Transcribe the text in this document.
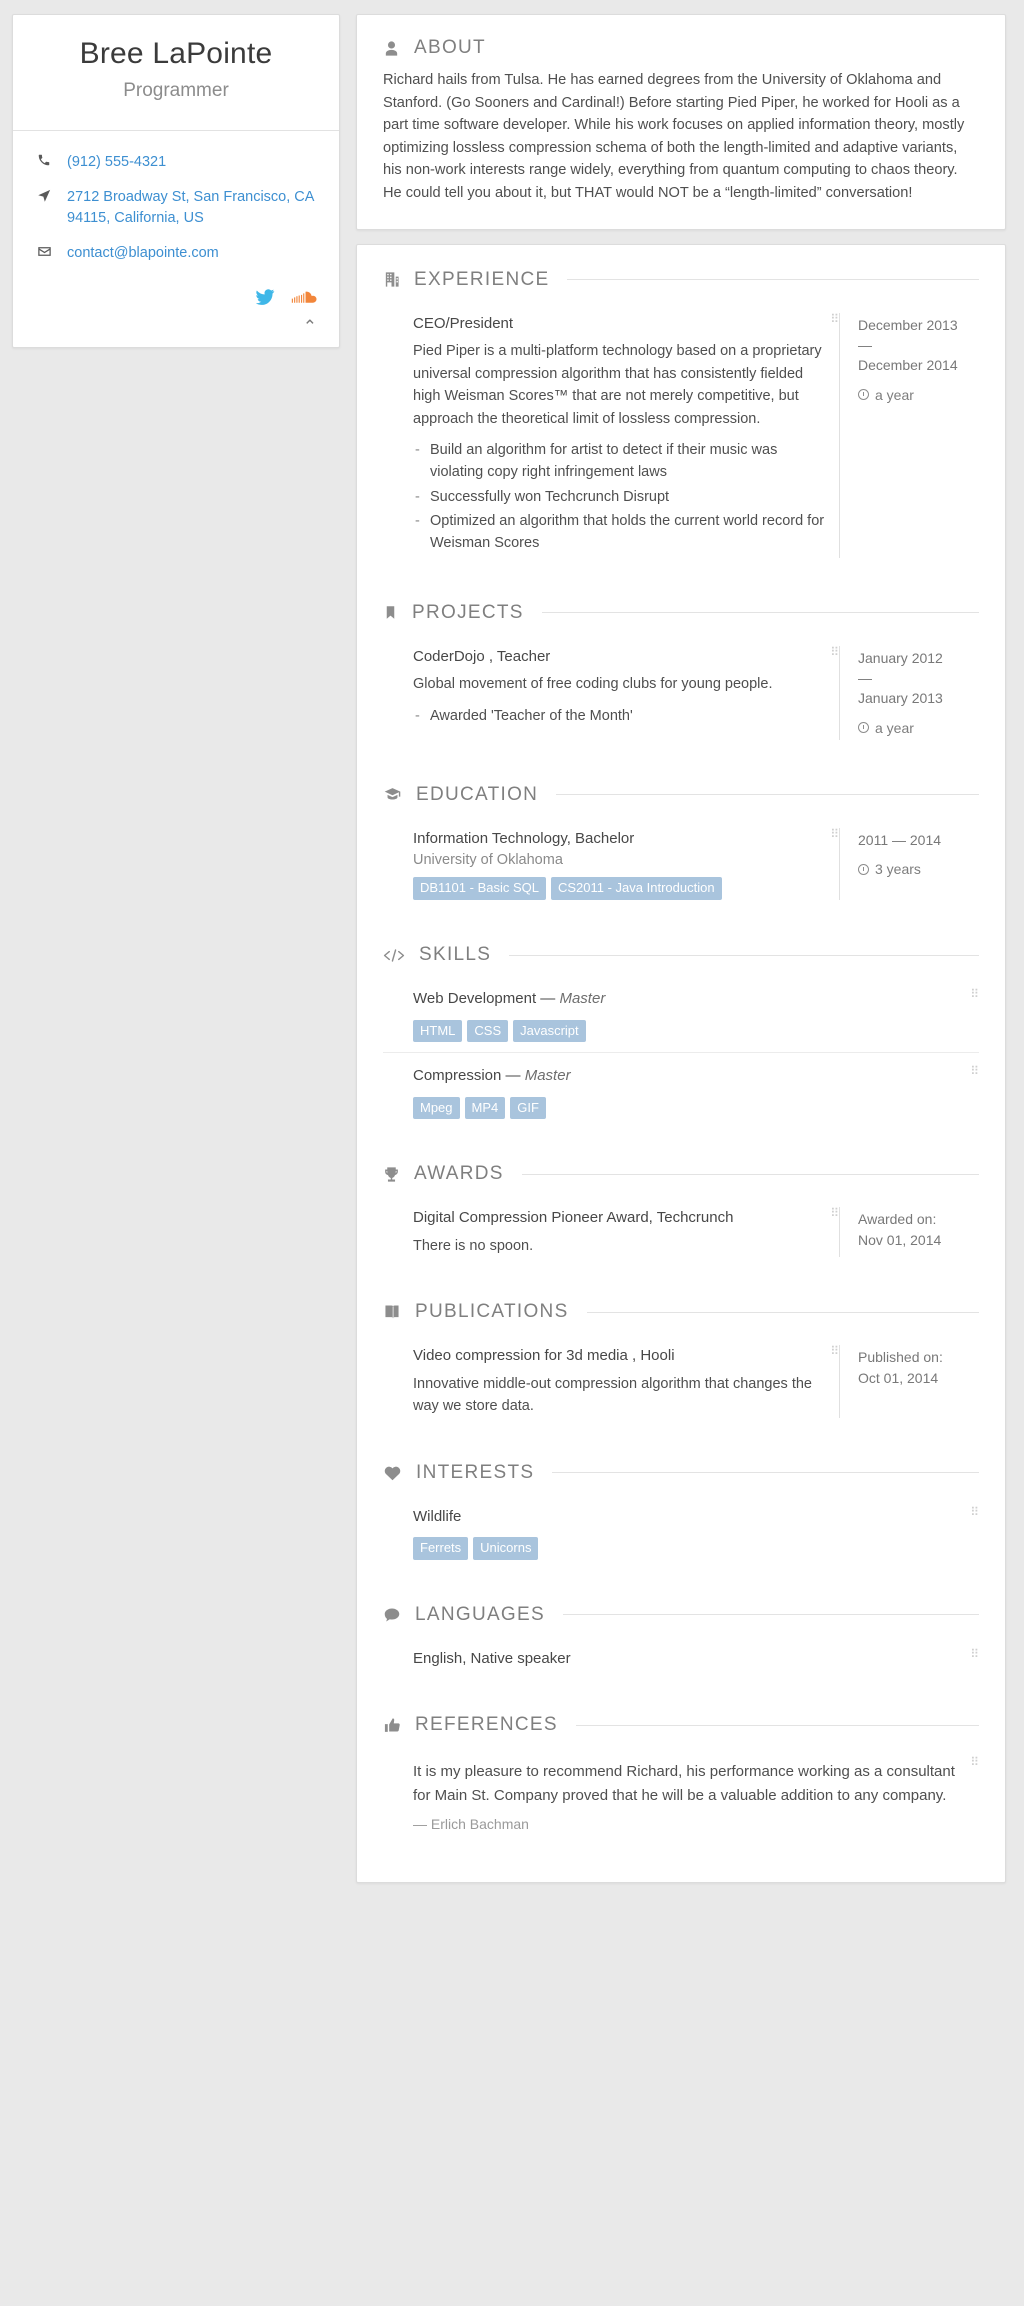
Bree LaPointe
Programmer
(912) 555-4321
2712 Broadway St, San Francisco, CA 94115, California, US
contact@blapointe.com
⌃
ABOUT
Richard hails from Tulsa. He has earned degrees from the University of Oklahoma and Stanford. (Go Sooners and Cardinal!) Before starting Pied Piper, he worked for Hooli as a part time software developer. While his work focuses on applied information theory, mostly optimizing lossless compression schema of both the length-limited and adaptive variants, his non-work interests range widely, everything from quantum computing to chaos theory. He could tell you about it, but THAT would NOT be a “length-limited” conversation!
EXPERIENCE
⠿
CEO/President
Pied Piper is a multi-platform technology based on a proprietary universal compression algorithm that has consistently fielded high Weisman Scores™ that are not merely competitive, but approach the theoretical limit of lossless compression.
- Build an algorithm for artist to detect if their music was violating copy right infringement laws
- Successfully won Techcrunch Disrupt
- Optimized an algorithm that holds the current world record for Weisman Scores
December 2013
—
December 2014
a year
PROJECTS
⠿
CoderDojo , Teacher
Global movement of free coding clubs for young people.
- Awarded 'Teacher of the Month'
January 2012
—
January 2013
a year
EDUCATION
⠿
Information Technology, Bachelor
University of Oklahoma
DB1101 - Basic SQL	CS2011 - Java Introduction
2011 — 2014
3 years
SKILLS
⠿
Web Development — Master
HTML	CSS	Javascript
⠿
Compression — Master
Mpeg	MP4	GIF
AWARDS
⠿
Digital Compression Pioneer Award, Techcrunch
There is no spoon.
Awarded on:
Nov 01, 2014
PUBLICATIONS
⠿
Video compression for 3d media , Hooli
Innovative middle-out compression algorithm that changes the way we store data.
Published on:
Oct 01, 2014
INTERESTS
⠿
Wildlife
Ferrets	Unicorns
LANGUAGES
⠿
English, Native speaker
REFERENCES
⠿
It is my pleasure to recommend Richard, his performance working as a consultant for Main St. Company proved that he will be a valuable addition to any company.
— Erlich Bachman
